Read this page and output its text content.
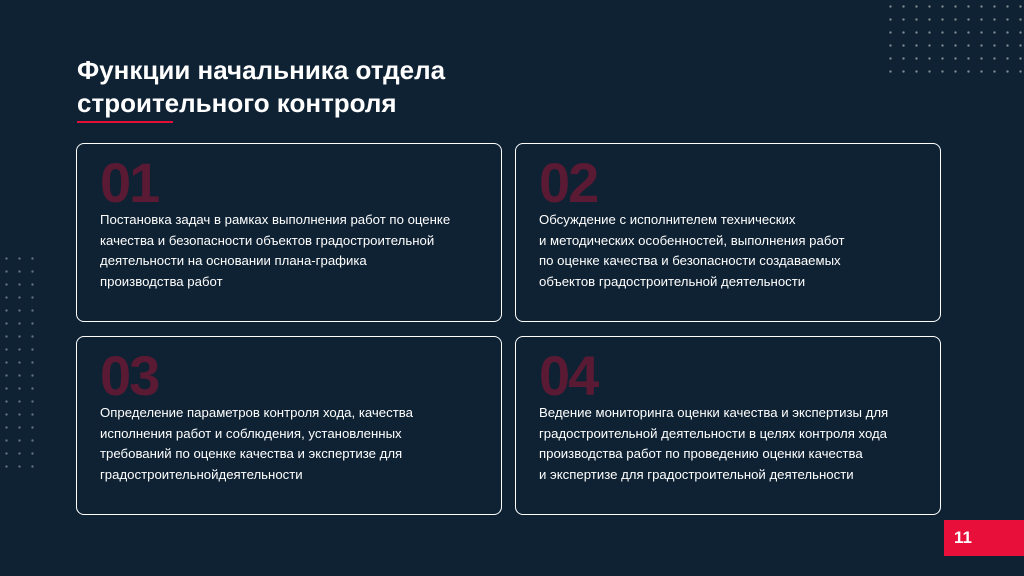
Функции начальника отдела
строительного контроля
01
Постановка задач в рамках выполнения работ по оценке
качества и безопасности объектов градостроительной
деятельности на основании плана-графика
производства работ
02
Обсуждение с исполнителем технических
и методических особенностей, выполнения работ
по оценке качества и безопасности создаваемых
объектов градостроительной деятельности
03
Определение параметров контроля хода, качества
исполнения работ и соблюдения, установленных
требований по оценке качества и экспертизе для
градостроительнойдеятельности
04
Ведение мониторинга оценки качества и экспертизы для
градостроительной деятельности в целях контроля хода
производства работ по проведению оценки качества
и экспертизе для градостроительной деятельности
11
